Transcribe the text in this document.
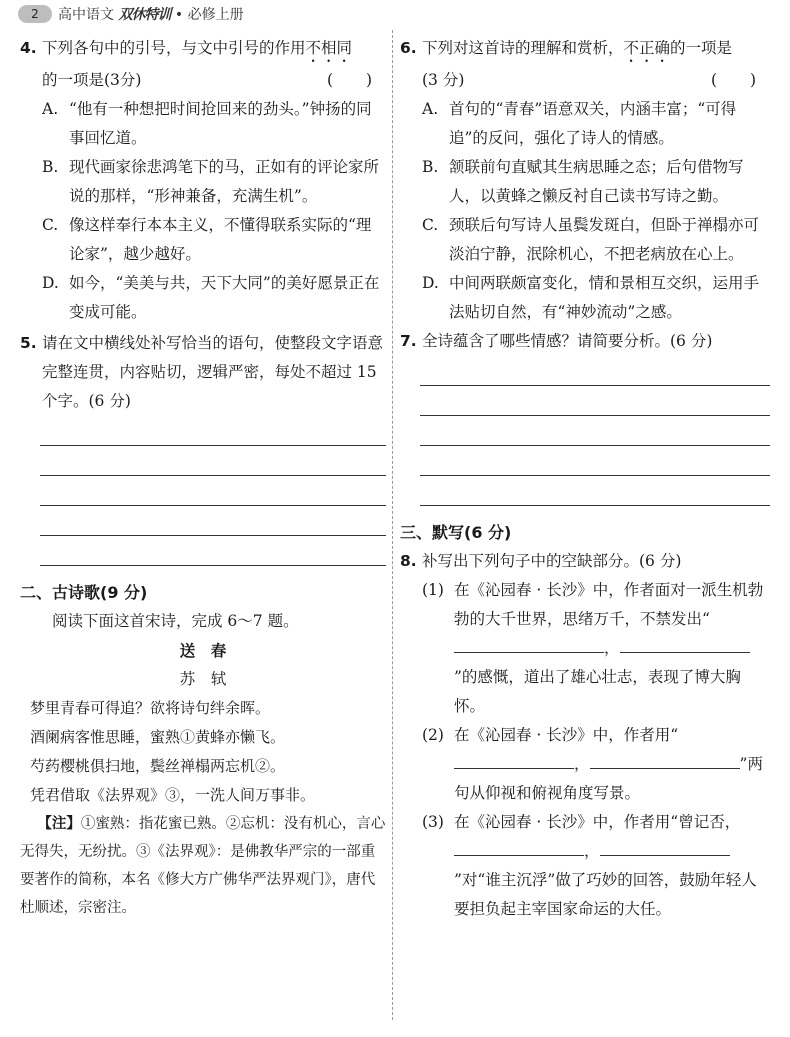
2	高中语文 双休特训 • 必修上册
4. 下列各句中的引号，与文中引号的作用不相同
的一项是(3分)	( )
A. “他有一种想把时间抢回来的劲头。”钟扬的同事回忆道。
B. 现代画家徐悲鸿笔下的马，正如有的评论家所说的那样，“形神兼备，充满生机”。
C. 像这样奉行本本主义，不懂得联系实际的“理论家”，越少越好。
D. 如今，“美美与共，天下大同”的美好愿景正在变成可能。
5. 请在文中横线处补写恰当的语句，使整段文字语意完整连贯，内容贴切，逻辑严密，每处不超过 15 个字。(6 分)
二、古诗歌(9 分)
阅读下面这首宋诗，完成 6～7 题。
送　春
苏　轼
梦里青春可得追？欲将诗句绊余晖。
酒阑病客惟思睡，蜜熟①黄蜂亦懒飞。
芍药樱桃俱扫地，鬓丝禅榻两忘机②。
凭君借取《法界观》③，一洗人间万事非。
【注】①蜜熟：指花蜜已熟。②忘机：没有机心，言心无得失，无纷扰。③《法界观》：是佛教华严宗的一部重要著作的简称，本名《修大方广佛华严法界观门》，唐代杜顺述，宗密注。
6. 下列对这首诗的理解和赏析，不正确的一项是
(3 分)	( )
A. 首句的“青春”语意双关，内涵丰富；“可得追”的反问，强化了诗人的情感。
B. 颔联前句直赋其生病思睡之态；后句借物写人，以黄蜂之懒反衬自己读书写诗之勤。
C. 颈联后句写诗人虽鬓发斑白，但卧于禅榻亦可淡泊宁静，泯除机心，不把老病放在心上。
D. 中间两联颇富变化，情和景相互交织，运用手法贴切自然，有“神妙流动”之感。
7. 全诗蕴含了哪些情感？请简要分析。(6 分)
三、默写(6 分)
8. 补写出下列句子中的空缺部分。(6 分)
(1) 在《沁园春 · 长沙》中，作者面对一派生机勃勃的大千世界，思绪万千，不禁发出“，”的感慨，道出了雄心壮志，表现了博大胸怀。
(2) 在《沁园春 · 长沙》中，作者用“，	”两句从仰视和俯视角度写景。
(3) 在《沁园春 · 长沙》中，作者用“曾记否，，”对“谁主沉浮”做了巧妙的回答，鼓励年轻人要担负起主宰国家命运的大任。
